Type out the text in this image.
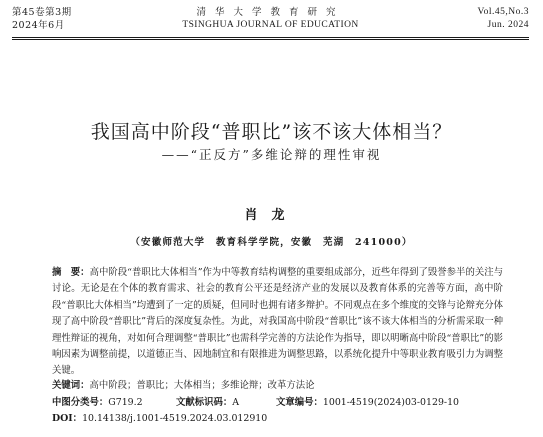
第45卷第3期
2024年6月
清华大学教育研究
TSINGHUA JOURNAL OF EDUCATION
Vol.45,No.3
Jun. 2024
我国高中阶段“普职比”该不该大体相当？
——“正反方”多维论辩的理性审视
肖龙
（安徽师范大学　教育科学学院，安徽　芜湖　241000）
摘　要：高中阶段“普职比大体相当”作为中等教育结构调整的重要组成部分，近些年得到了毁誉参半的关注与讨论。无论是在个体的教育需求、社会的教育公平还是经济产业的发展以及教育体系的完善等方面，高中阶段“普职比大体相当”均遭到了一定的质疑，但同时也拥有诸多辩护。不同观点在多个维度的交锋与论辩充分体现了高中阶段“普职比”背后的深度复杂性。为此，对我国高中阶段“普职比”该不该大体相当的分析需采取一种理性辩证的视角，对如何合理调整“普职比”也需科学完善的方法论作为指导，即以明晰高中阶段“普职比”的影响因素为调整前提，以道德正当、因地制宜和有限推进为调整思路，以系统化提升中等职业教育吸引力为调整关键。
关键词：高中阶段；普职比；大体相当；多维论辩；改革方法论
中图分类号：G719.2	文献标识码：A	文章编号：1001-4519(2024)03-0129-10
DOI：10.14138/j.1001-4519.2024.03.012910
